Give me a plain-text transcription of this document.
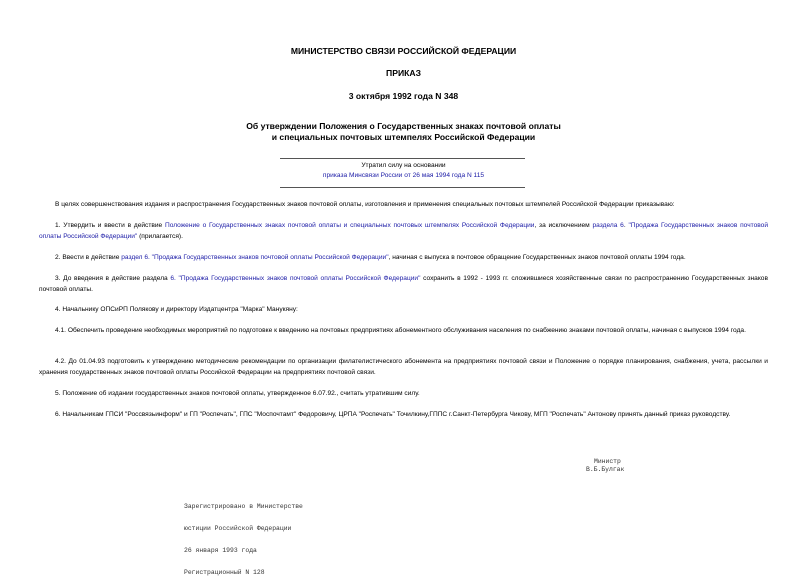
МИНИСТЕРСТВО СВЯЗИ РОССИЙСКОЙ ФЕДЕРАЦИИ
ПРИКАЗ
3 октября 1992 года N 348
Об утверждении Положения о Государственных знаках почтовой оплаты
и специальных почтовых штемпелях Российской Федерации
Утратил силу на основании
приказа Минсвязи России от 26 мая 1994 года N 115
В целях совершенствования издания и распространения Государственных знаков почтовой оплаты, изготовления и применения специальных почтовых штемпелей Российской Федерации приказываю:
1. Утвердить и ввести в действие Положение о Государственных знаках почтовой оплаты и специальных почтовых штемпелях Российской Федерации, за исключением раздела 6. "Продажа Государственных знаков почтовой оплаты Российской Федерации" (прилагается).
2. Ввести в действие раздел 6. "Продажа Государственных знаков почтовой оплаты Российской Федерации", начиная с выпуска в почтовое обращение Государственных знаков почтовой оплаты 1994 года.
3. До введения в действие раздела 6. "Продажа Государственных знаков почтовой оплаты Российской Федерации" сохранить в 1992 - 1993 гг. сложившиеся хозяйственные связи по распространению Государственных знаков почтовой оплаты.
4. Начальнику ОПСиРП Полякову и директору Издатцентра "Марка" Манукяну:
4.1. Обеспечить проведение необходимых мероприятий по подготовке к введению на почтовых предприятиях абонементного обслуживания населения по снабжению знаками почтовой оплаты, начиная с выпусков 1994 года.
4.2. До 01.04.93 подготовить к утверждению методические рекомендации по организации филателистического абонемента на предприятиях почтовой связи и Положение о порядке планирования, снабжения, учета, рассылки и хранения государственных знаков почтовой оплаты Российской Федерации на предприятиях почтовой связи.
5. Положение об издании государственных знаков почтовой оплаты, утвержденное 6.07.92., считать утратившим силу.
6. Начальникам ГПСИ "Россвязьинформ" и ГП "Роспечать", ГПС "Моспочтамт" Федоровичу, ЦРПА "Роспечать" Точилкину,ГППС г.Санкт-Петербурга Чикову, МГП "Роспечать" Антонову принять данный приказ руководству.
Министр
В.Б.Булгак

Зарегистрировано в Министерстве

юстиции Российской Федерации

26 января 1993 года

Регистрационный N 128
